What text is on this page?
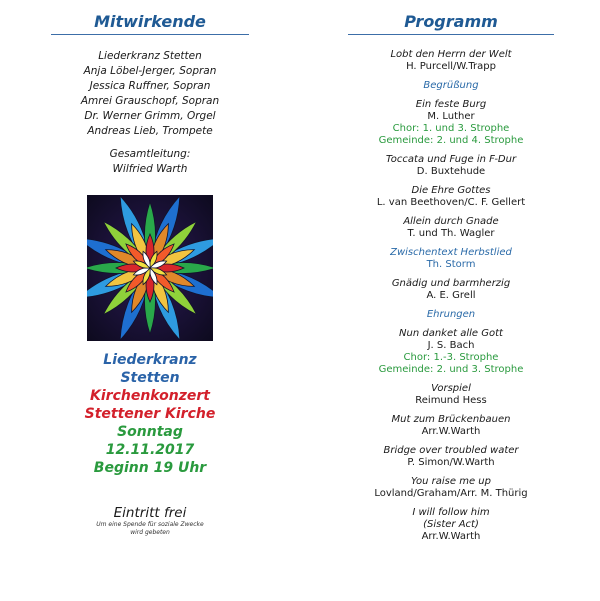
Mitwirkende
Liederkranz Stetten
Anja Löbel-Jerger, Sopran
Jessica Ruffner, Sopran
Amrei Grauschopf, Sopran
Dr. Werner Grimm, Orgel
Andreas Lieb, Trompete
Gesamtleitung:
Wilfried Warth
Liederkranz
Stetten
Kirchenkonzert
Stettener Kirche
Sonntag
12.11.2017
Beginn 19 Uhr
Eintritt frei
Um eine Spende für soziale Zwecke
wird gebeten
Programm
Lobt den Herrn der Welt
H. Purcell/W.Trapp
Begrüßung
Ein feste Burg
M. Luther
Chor: 1. und 3. Strophe
Gemeinde: 2. und 4. Strophe
Toccata und Fuge in F-Dur
D. Buxtehude
Die Ehre Gottes
L. van Beethoven/C. F. Gellert
Allein durch Gnade
T. und Th. Wagler
Zwischentext Herbstlied
Th. Storm
Gnädig und barmherzig
A. E. Grell
Ehrungen
Nun danket alle Gott
J. S. Bach
Chor: 1.-3. Strophe
Gemeinde: 2. und 3. Strophe
Vorspiel
Reimund Hess
Mut zum Brückenbauen
Arr.W.Warth
Bridge over troubled water
P. Simon/W.Warth
You raise me up
Lovland/Graham/Arr. M. Thürig
I will follow him
(Sister Act)
Arr.W.Warth
